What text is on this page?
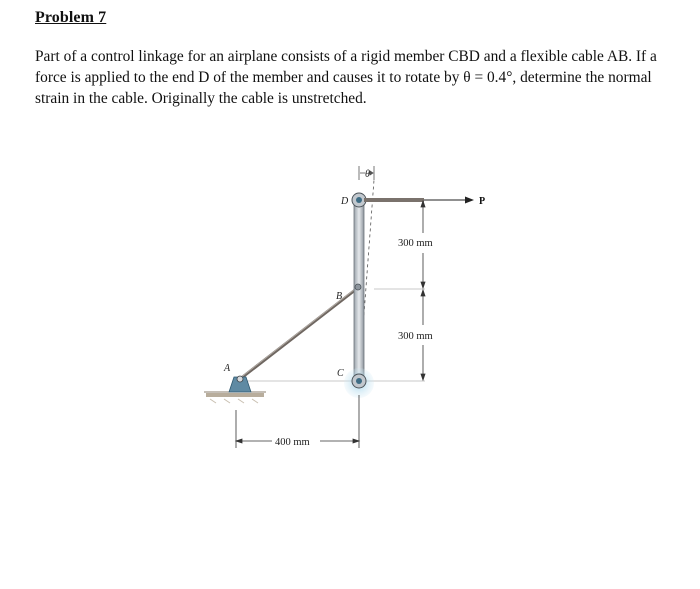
Problem 7
Part of a control linkage for an airplane consists of a rigid member CBD and a flexible cable AB. If a force is applied to the end D of the member and causes it to rotate by θ = 0.4°, determine the normal strain in the cable. Originally the cable is unstretched.
θ
300 mm
300 mm
400 mm
A
B
C
D	P
